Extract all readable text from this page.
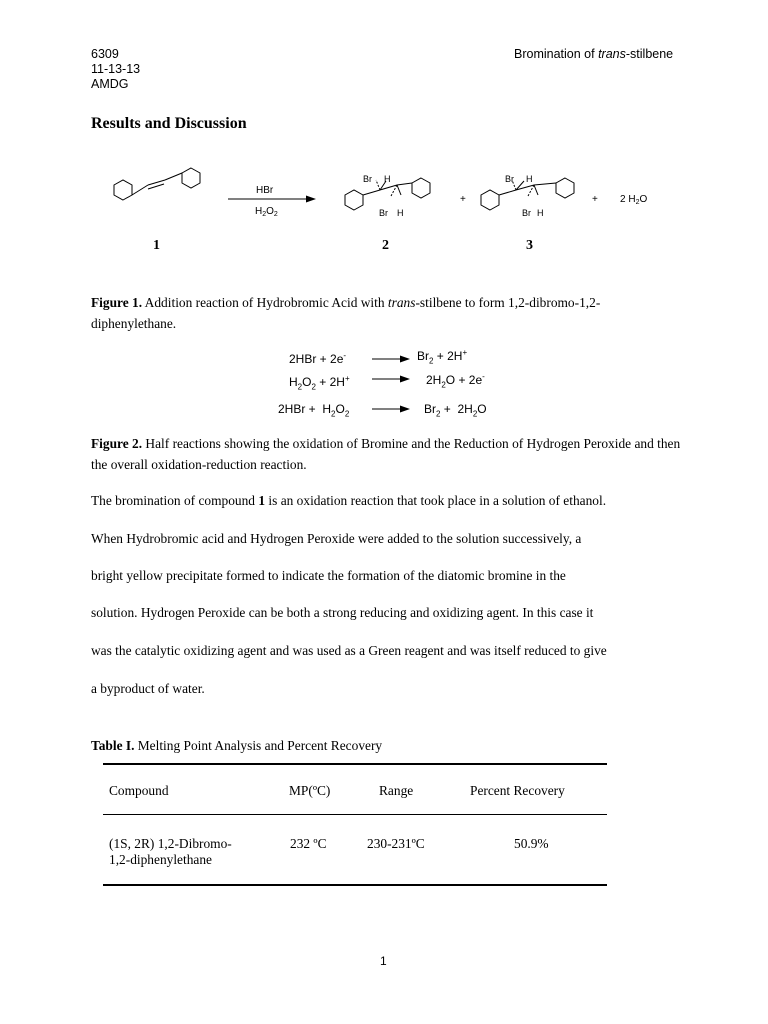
6309
11-13-13
AMDG
Bromination of trans-stilbene
Results and Discussion
HBr
$H_2O_2$
Br H
Br H
Br H
Br H
+	+ 2 $H_2O$
1	2	3
Figure 1. Addition reaction of Hydrobromic Acid with trans-stilbene to form 1,2-dibromo-1,2-diphenylethane.
2HBr + 2e-	$Br_2 + 2H^+$
$H_2O_2 + 2H^+$	$2H_2O + 2e^-$
$2HBr + H_2O_2$	$Br_2 + 2H_2O$
Figure 2. Half reactions showing the oxidation of Bromine and the Reduction of Hydrogen Peroxide and then the overall oxidation-reduction reaction.
The bromination of compound 1 is an oxidation reaction that took place in a solution of ethanol.
When Hydrobromic acid and Hydrogen Peroxide were added to the solution successively, a
bright yellow precipitate formed to indicate the formation of the diatomic bromine in the
solution. Hydrogen Peroxide can be both a strong reducing and oxidizing agent. In this case it
was the catalytic oxidizing agent and was used as a Green reagent and was itself reduced to give
a byproduct of water.
Table I. Melting Point Analysis and Percent Recovery
Compound	MP(ºC)	Range	Percent Recovery
(1S, 2R) 1,2-Dibromo-
1,2-diphenylethane
232 ºC	230-231ºC	50.9%
1
